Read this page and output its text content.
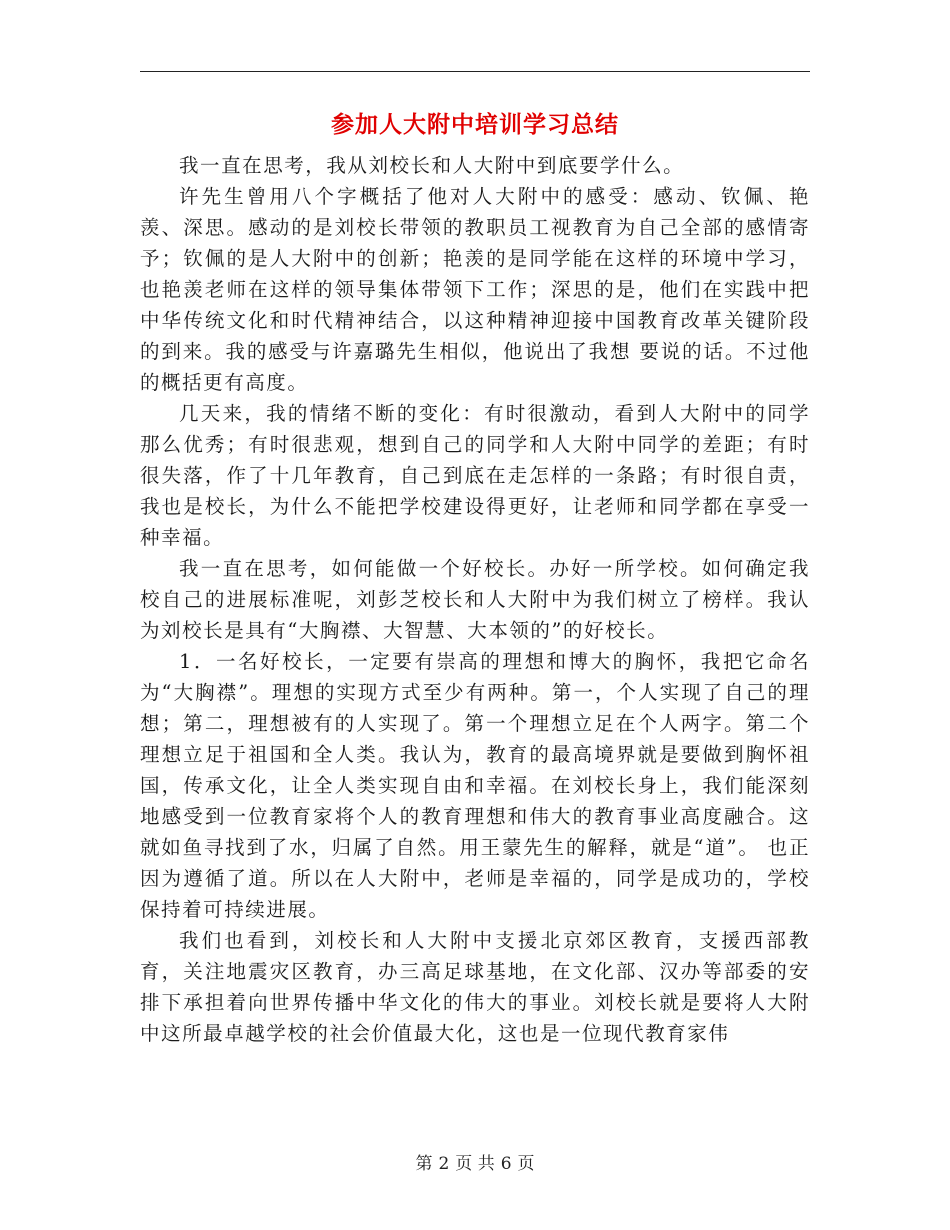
参加人大附中培训学习总结

我一直在思考，我从刘校长和人大附中到底要学什么。

许先生曾用八个字概括了他对人大附中的感受：感动、钦佩、艳羡、深思。感动的是刘校长带领的教职员工视教育为自己全部的感情寄予；钦佩的是人大附中的创新；艳羡的是同学能在这样的环境中学习，也艳羡老师在这样的领导集体带领下工作；深思的是，他们在实践中把中华传统文化和时代精神结合，以这种精神迎接中国教育改革关键阶段的到来。我的感受与许嘉璐先生相似，他说出了我想 要说的话。不过他的概括更有高度。

几天来，我的情绪不断的变化：有时很激动，看到人大附中的同学那么优秀；有时很悲观，想到自己的同学和人大附中同学的差距；有时很失落，作了十几年教育，自己到底在走怎样的一条路；有时很自责，我也是校长，为什么不能把学校建设得更好，让老师和同学都在享受一种幸福。

我一直在思考，如何能做一个好校长。办好一所学校。如何确定我校自己的进展标准呢，刘彭芝校长和人大附中为我们树立了榜样。我认为刘校长是具有“大胸襟、大智慧、大本领的”的好校长。

1．一名好校长，一定要有崇高的理想和博大的胸怀，我把它命名为“大胸襟”。理想的实现方式至少有两种。第一，个人实现了自己的理想；第二，理想被有的人实现了。第一个理想立足在个人两字。第二个理想立足于祖国和全人类。我认为，教育的最高境界就是要做到胸怀祖国，传承文化，让全人类实现自由和幸福。在刘校长身上，我们能深刻地感受到一位教育家将个人的教育理想和伟大的教育事业高度融合。这就如鱼寻找到了水，归属了自然。用王蒙先生的解释，就是“道”。 也正因为遵循了道。所以在人大附中，老师是幸福的，同学是成功的，学校保持着可持续进展。

我们也看到，刘校长和人大附中支援北京郊区教育，支援西部教育，关注地震灾区教育，办三高足球基地，在文化部、汉办等部委的安排下承担着向世界传播中华文化的伟大的事业。刘校长就是要将人大附中这所最卓越学校的社会价值最大化，这也是一位现代教育家伟

第 2 页 共 6 页
